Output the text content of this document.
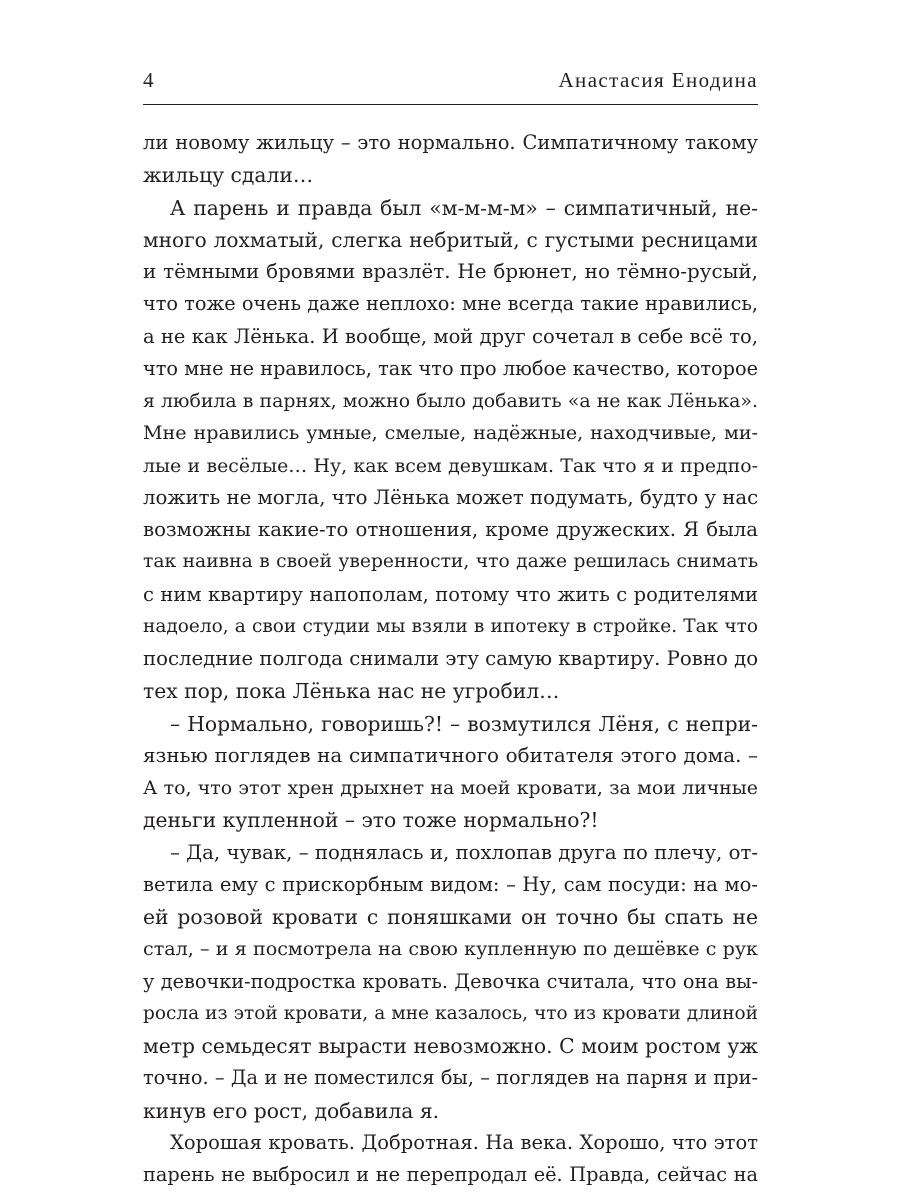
4	Анастасия Енодина
ли новому жильцу – это нормально. Симпатичному такому
жильцу сдали…
А парень и правда был «м-м-м-м» – симпатичный, не-
много лохматый, слегка небритый, с густыми ресницами
и тёмными бровями вразлёт. Не брюнет, но тёмно-русый,
что тоже очень даже неплохо: мне всегда такие нравились,
а не как Лёнька. И вообще, мой друг сочетал в себе всё то,
что мне не нравилось, так что про любое качество, которое
я любила в парнях, можно было добавить «а не как Лёнька».
Мне нравились умные, смелые, надёжные, находчивые, ми-
лые и весёлые… Ну, как всем девушкам. Так что я и предпо-
ложить не могла, что Лёнька может подумать, будто у нас
возможны какие-то отношения, кроме дружеских. Я была
так наивна в своей уверенности, что даже решилась снимать
с ним квартиру напополам, потому что жить с родителями
надоело, а свои студии мы взяли в ипотеку в стройке. Так что
последние полгода снимали эту самую квартиру. Ровно до
тех пор, пока Лёнька нас не угробил…
– Нормально, говоришь?! – возмутился Лёня, с непри-
язнью поглядев на симпатичного обитателя этого дома. –
А то, что этот хрен дрыхнет на моей кровати, за мои личные
деньги купленной – это тоже нормально?!
– Да, чувак, – поднялась и, похлопав друга по плечу, от-
ветила ему с прискорбным видом: – Ну, сам посуди: на мо-
ей розовой кровати с поняшками он точно бы спать не
стал, – и я посмотрела на свою купленную по дешёвке с рук
у девочки-подростка кровать. Девочка считала, что она вы-
росла из этой кровати, а мне казалось, что из кровати длиной
метр семьдесят вырасти невозможно. С моим ростом уж
точно. – Да и не поместился бы, – поглядев на парня и при-
кинув его рост, добавила я.
Хорошая кровать. Добротная. На века. Хорошо, что этот
парень не выбросил и не перепродал её. Правда, сейчас на
